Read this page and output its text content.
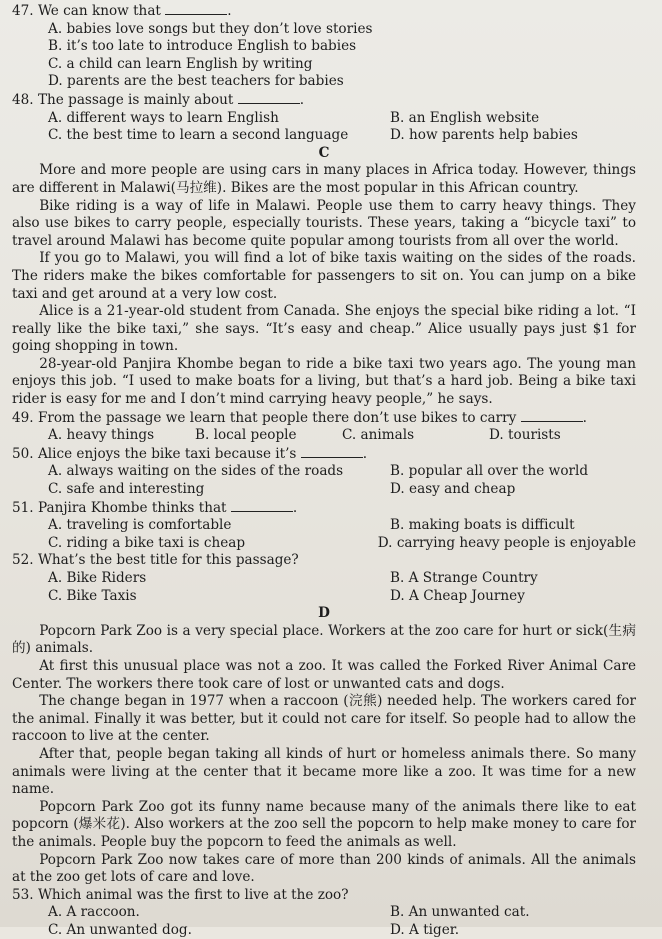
47. We can know that	.

A. babies love songs but they don’t love stories
B. it’s too late to introduce English to babies
C. a child can learn English by writing
D. parents are the best teachers for babies

48. The passage is mainly about	.

A. different ways to learn English	B. an English website
C. the best time to learn a second language	D. how parents help babies

C

More and more people are using cars in many places in Africa today. However, things are different in Malawi(马拉维). Bikes are the most popular in this African country.

Bike riding is a way of life in Malawi. People use them to carry heavy things. They also use bikes to carry people, especially tourists. These years, taking a “bicycle taxi” to travel around Malawi has become quite popular among tourists from all over the world.

If you go to Malawi, you will find a lot of bike taxis waiting on the sides of the roads. The riders make the bikes comfortable for passengers to sit on. You can jump on a bike taxi and get around at a very low cost.

Alice is a 21-year-old student from Canada. She enjoys the special bike riding a lot. “I really like the bike taxi,” she says. “It’s easy and cheap.” Alice usually pays just $1 for going shopping in town.

28-year-old Panjira Khombe began to ride a bike taxi two years ago. The young man enjoys this job. “I used to make boats for a living, but that’s a hard job. Being a bike taxi rider is easy for me and I don’t mind carrying heavy people,” he says.

49. From the passage we learn that people there don’t use bikes to carry	.

A. heavy things	B. local people	C. animals	D. tourists

50. Alice enjoys the bike taxi because it’s	.

A. always waiting on the sides of the roads	B. popular all over the world
C. safe and interesting	D. easy and cheap

51. Panjira Khombe thinks that	.

A. traveling is comfortable	B. making boats is difficult
C. riding a bike taxi is cheap	D. carrying heavy people is enjoyable

52. What’s the best title for this passage?

A. Bike Riders	B. A Strange Country
C. Bike Taxis	D. A Cheap Journey

D

Popcorn Park Zoo is a very special place. Workers at the zoo care for hurt or sick(生病的) animals.

At first this unusual place was not a zoo. It was called the Forked River Animal Care Center. The workers there took care of lost or unwanted cats and dogs.

The change began in 1977 when a raccoon (浣熊) needed help. The workers cared for the animal. Finally it was better, but it could not care for itself. So people had to allow the raccoon to live at the center.

After that, people began taking all kinds of hurt or homeless animals there. So many animals were living at the center that it became more like a zoo. It was time for a new name.

Popcorn Park Zoo got its funny name because many of the animals there like to eat popcorn (爆米花). Also workers at the zoo sell the popcorn to help make money to care for the animals. People buy the popcorn to feed the animals as well.

Popcorn Park Zoo now takes care of more than 200 kinds of animals. All the animals at the zoo get lots of care and love.

53. Which animal was the first to live at the zoo?

A. A raccoon.	B. An unwanted cat.
C. An unwanted dog.	D. A tiger.
